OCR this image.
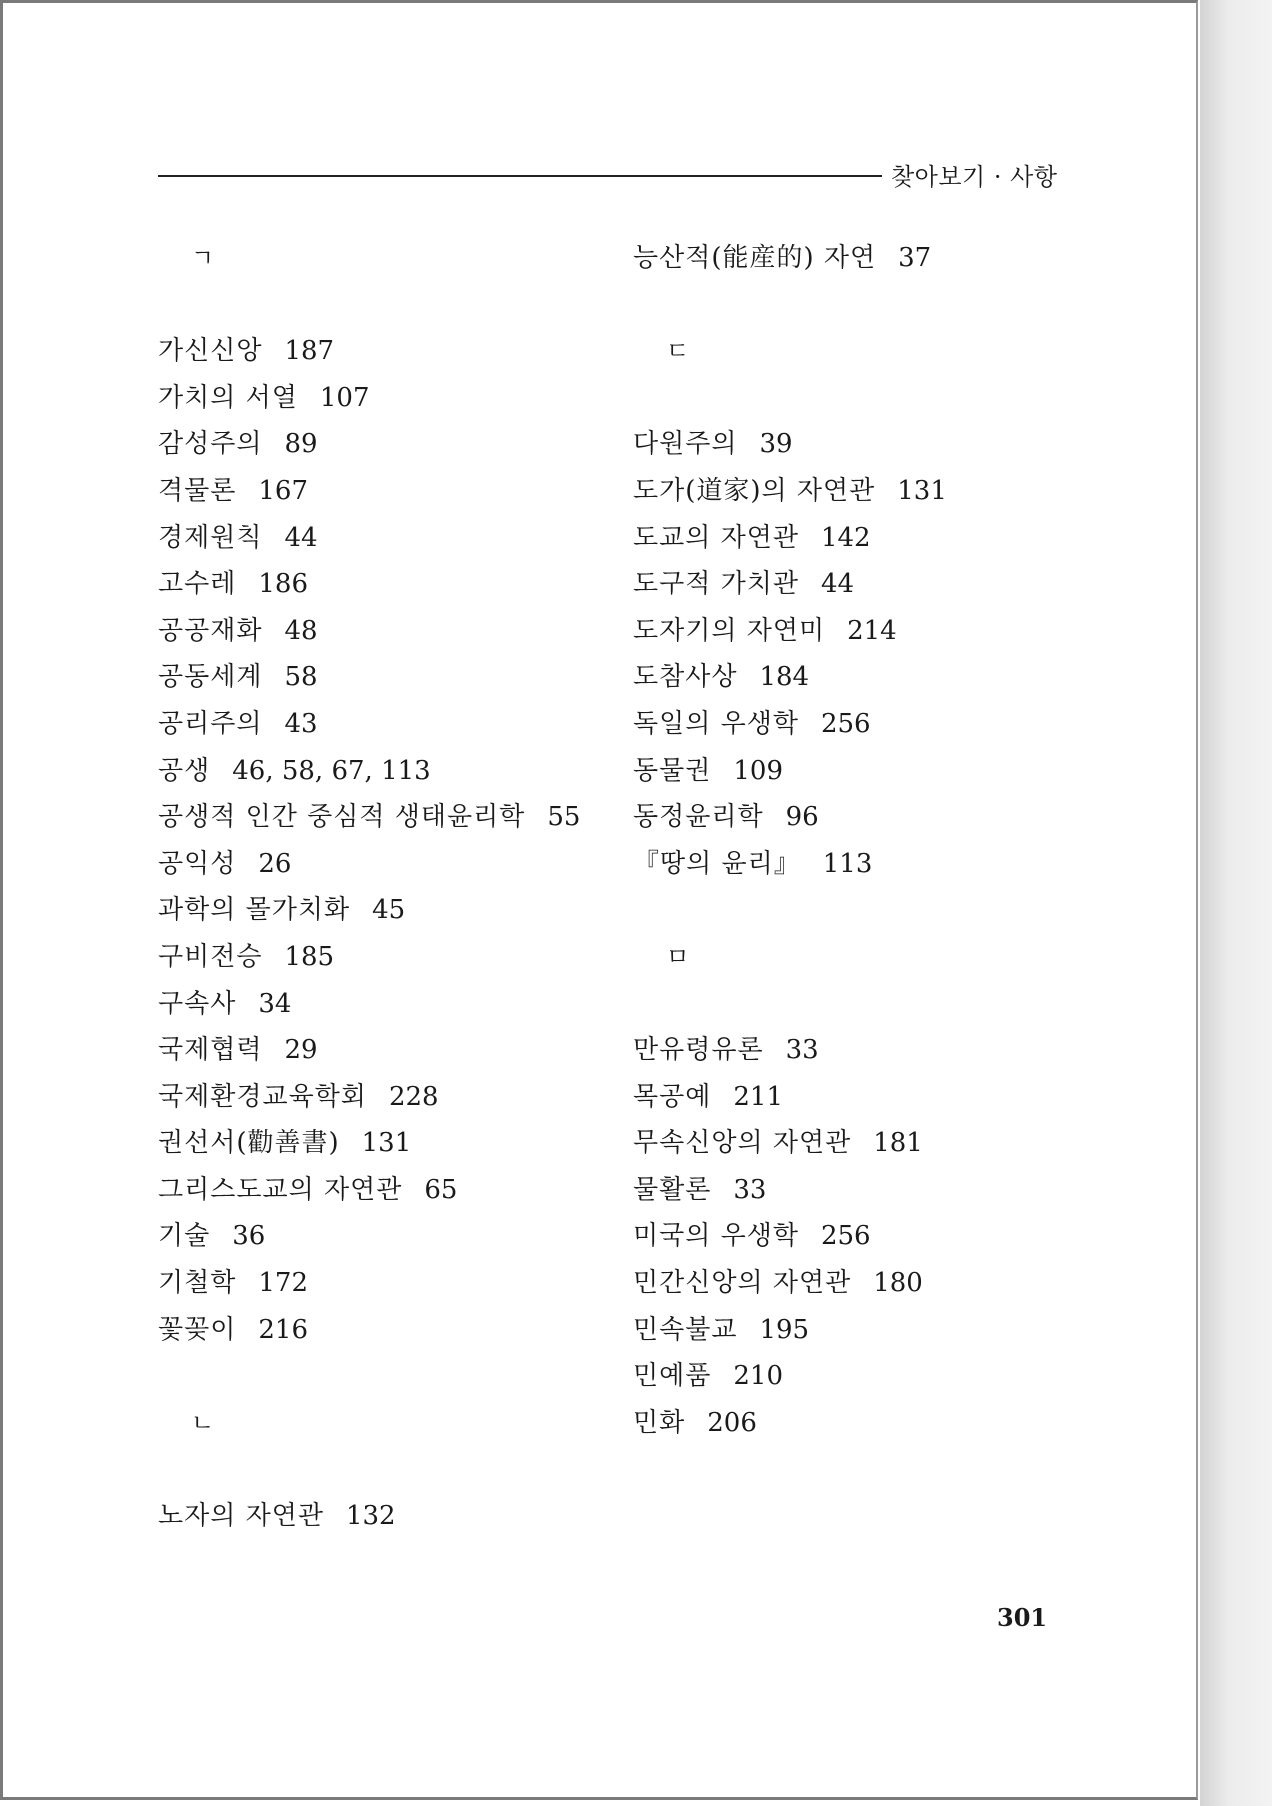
찾아보기 · 사항
ㄱ
가신신앙 187
가치의 서열 107
감성주의 89
격물론 167
경제원칙 44
고수레 186
공공재화 48
공동세계 58
공리주의 43
공생 46, 58, 67, 113
공생적 인간 중심적 생태윤리학 55
공익성 26
과학의 몰가치화 45
구비전승 185
구속사 34
국제협력 29
국제환경교육학회 228
권선서(勸善書) 131
그리스도교의 자연관 65
기술 36
기철학 172
꽃꽂이 216
ㄴ
노자의 자연관 132
능산적(能産的) 자연 37
ㄷ
다원주의 39
도가(道家)의 자연관 131
도교의 자연관 142
도구적 가치관 44
도자기의 자연미 214
도참사상 184
독일의 우생학 256
동물권 109
동정윤리학 96
『땅의 윤리』 113
ㅁ
만유령유론 33
목공예 211
무속신앙의 자연관 181
물활론 33
미국의 우생학 256
민간신앙의 자연관 180
민속불교 195
민예품 210
민화 206
301
